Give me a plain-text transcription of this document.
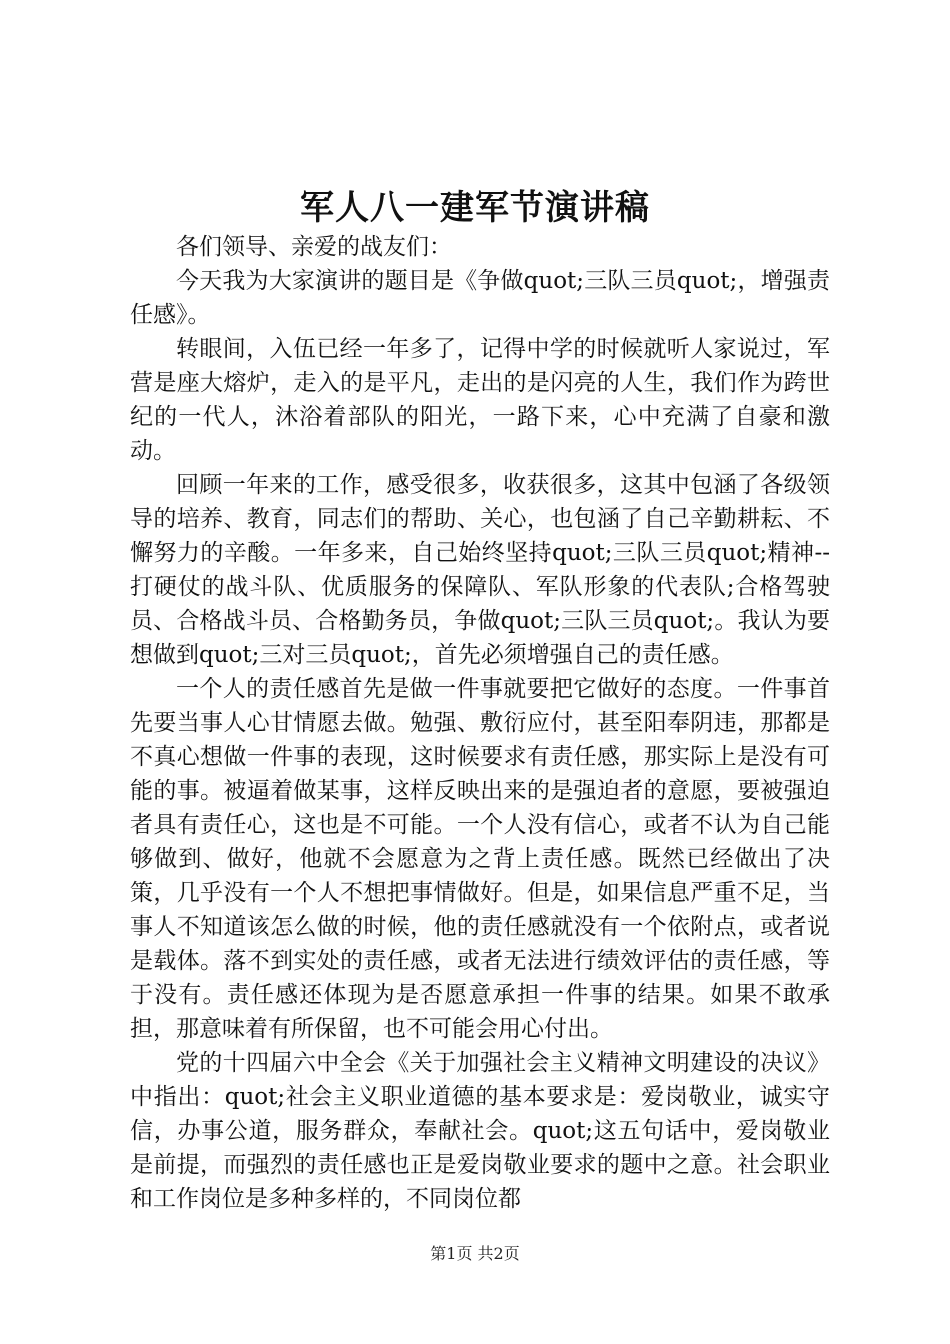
军人八一建军节演讲稿

各们领导、亲爱的战友们：

今天我为大家演讲的题目是《争做quot;三队三员quot;，增强责任感》。

转眼间，入伍已经一年多了，记得中学的时候就听人家说过，军营是座大熔炉，走入的是平凡，走出的是闪亮的人生，我们作为跨世纪的一代人，沐浴着部队的阳光，一路下来，心中充满了自豪和激动。

回顾一年来的工作，感受很多，收获很多，这其中包涵了各级领导的培养、教育，同志们的帮助、关心，也包涵了自己辛勤耕耘、不懈努力的辛酸。一年多来，自己始终坚持quot;三队三员quot;精神--打硬仗的战斗队、优质服务的保障队、军队形象的代表队;合格驾驶员、合格战斗员、合格勤务员，争做quot;三队三员quot;。我认为要想做到quot;三对三员quot;，首先必须增强自己的责任感。

一个人的责任感首先是做一件事就要把它做好的态度。一件事首先要当事人心甘情愿去做。勉强、敷衍应付，甚至阳奉阴违，那都是不真心想做一件事的表现，这时候要求有责任感，那实际上是没有可能的事。被逼着做某事，这样反映出来的是强迫者的意愿，要被强迫者具有责任心，这也是不可能。一个人没有信心，或者不认为自己能够做到、做好，他就不会愿意为之背上责任感。既然已经做出了决策，几乎没有一个人不想把事情做好。但是，如果信息严重不足，当事人不知道该怎么做的时候，他的责任感就没有一个依附点，或者说是载体。落不到实处的责任感，或者无法进行绩效评估的责任感，等于没有。责任感还体现为是否愿意承担一件事的结果。如果不敢承担，那意味着有所保留，也不可能会用心付出。

党的十四届六中全会《关于加强社会主义精神文明建设的决议》中指出：quot;社会主义职业道德的基本要求是：爱岗敬业，诚实守信，办事公道，服务群众，奉献社会。quot;这五句话中，爱岗敬业是前提，而强烈的责任感也正是爱岗敬业要求的题中之意。社会职业和工作岗位是多种多样的，不同岗位都

第1页 共2页
